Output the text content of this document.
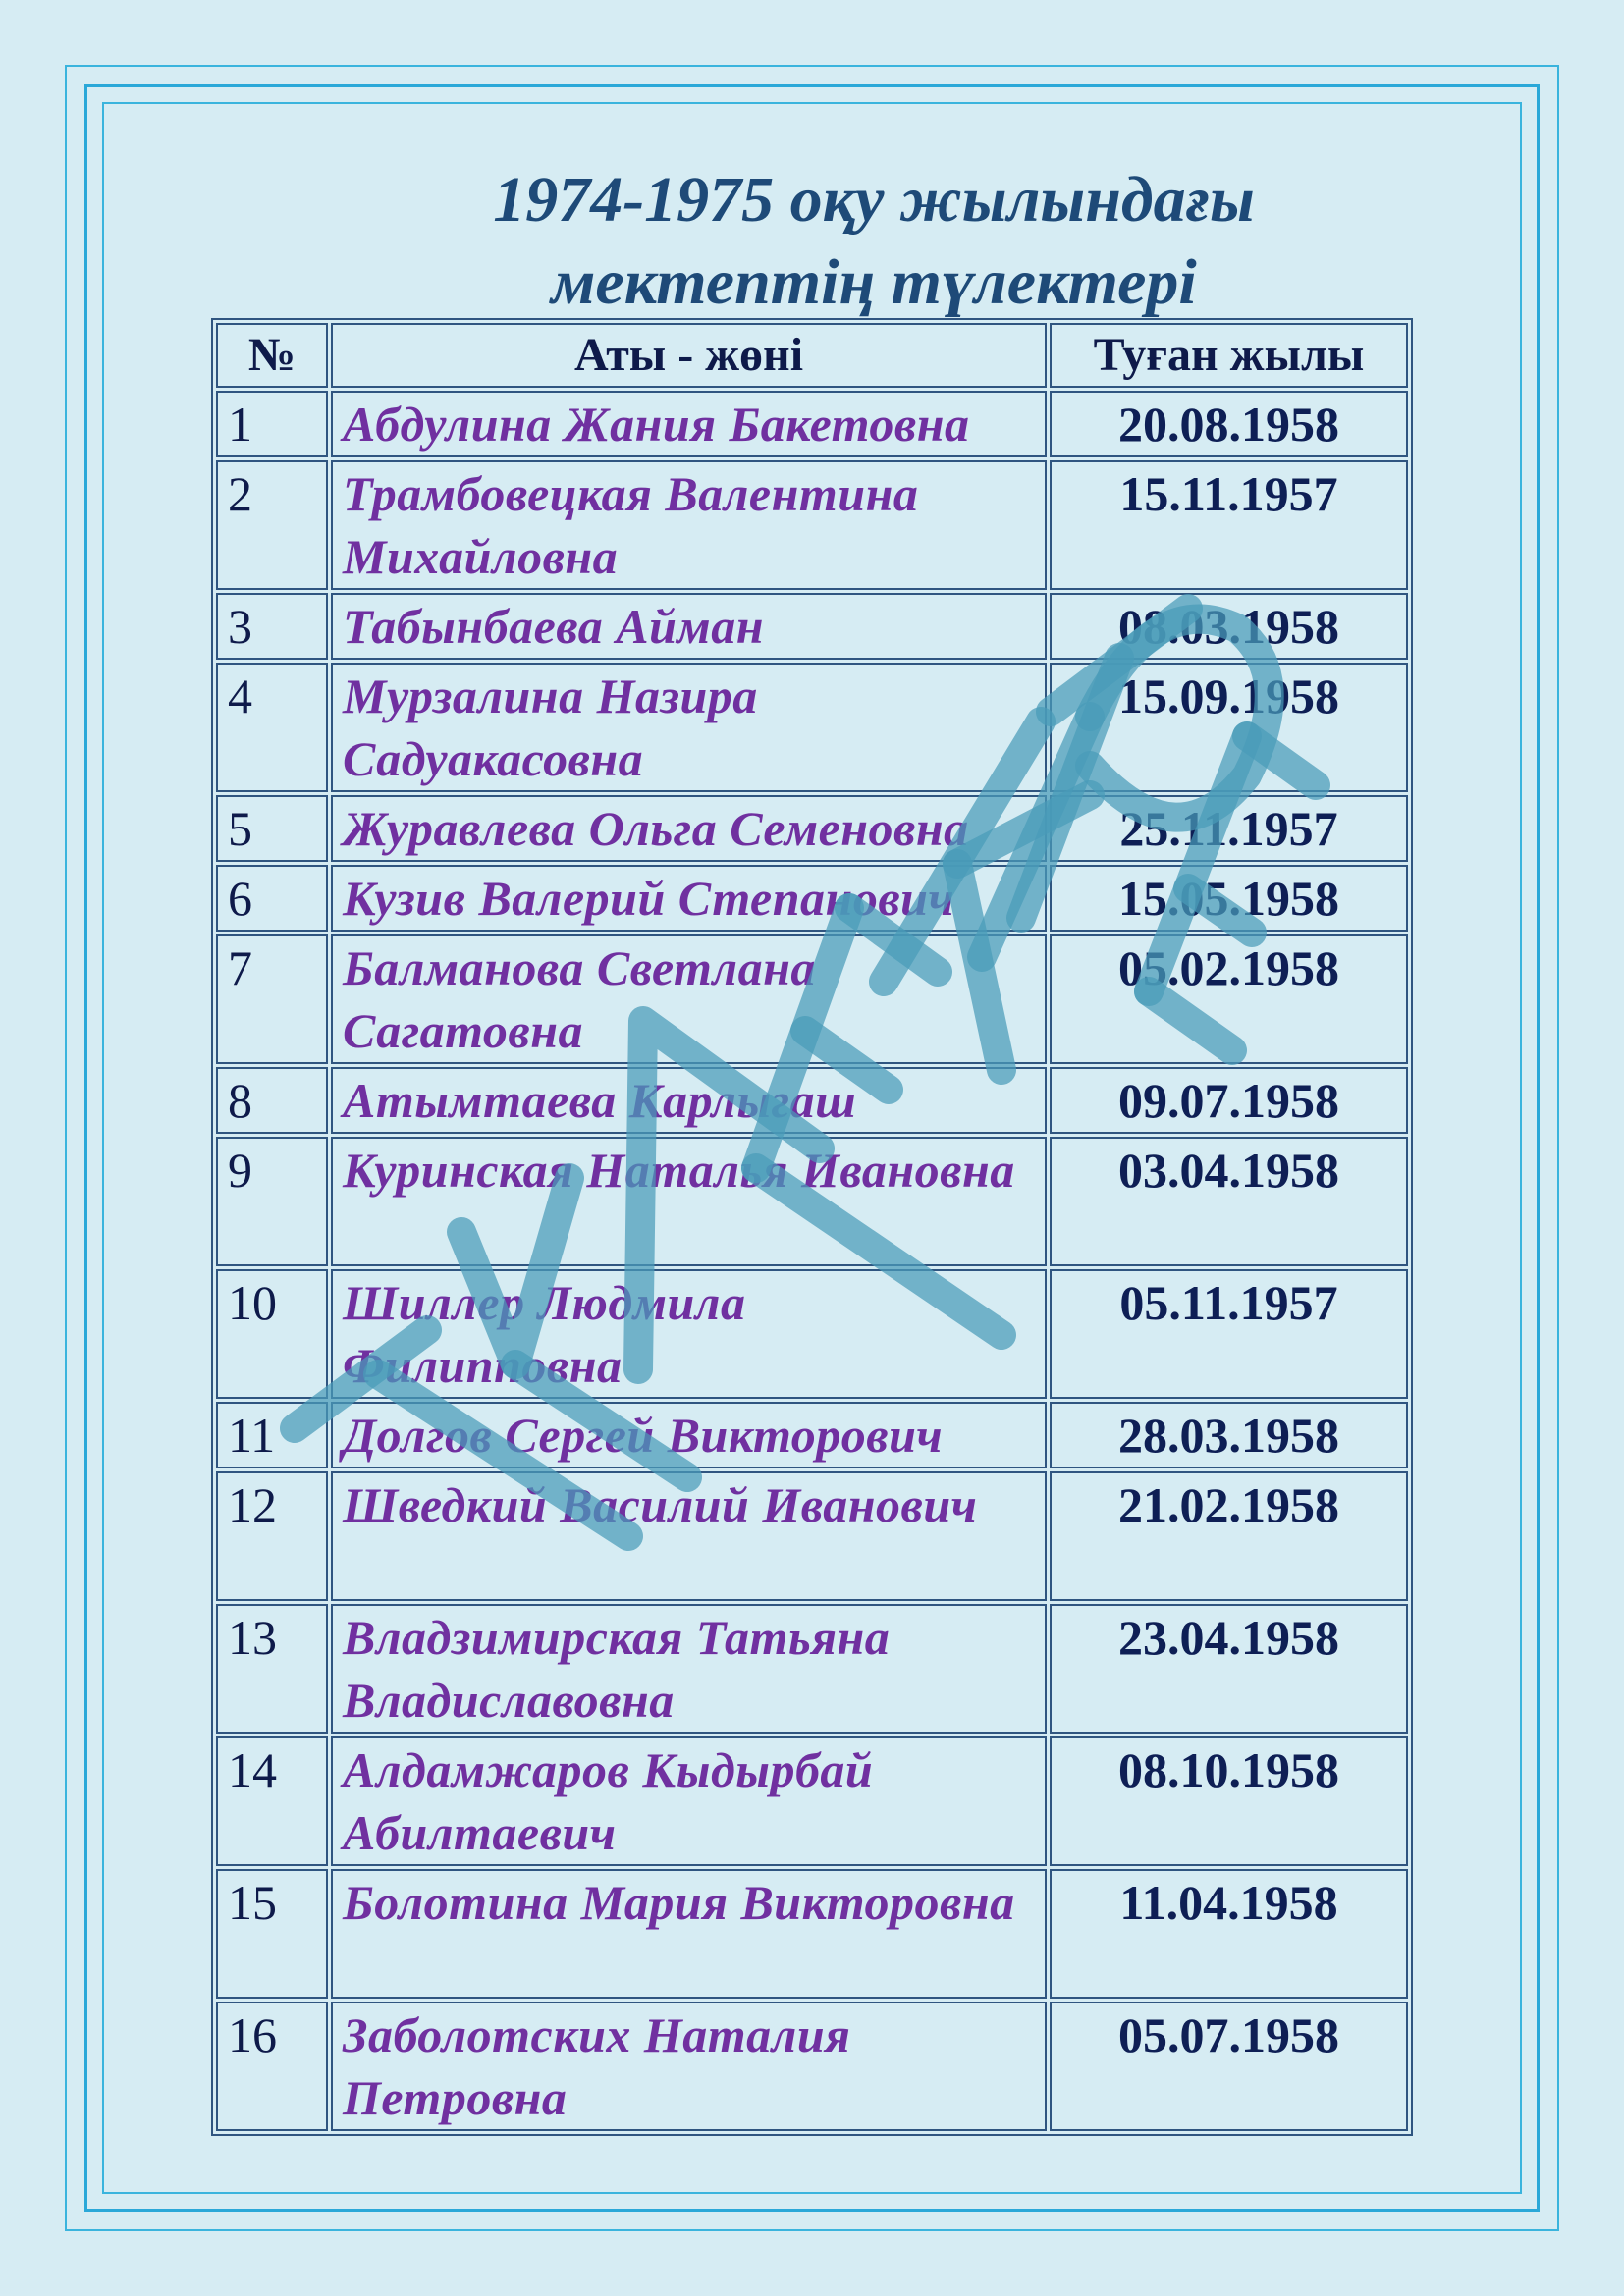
1974-1975 оқу жылындағы
мектептің түлектері
№	Аты - жөні	Туған жылы
1	Абдулина Жания Бакетовна	20.08.1958
2	Трамбовецкая Валентина Михайловна	15.11.1957
3	Табынбаева Айман	08.03.1958
4	Мурзалина Назира Садуакасовна	15.09.1958
5	Журавлева Ольга Семеновна	25.11.1957
6	Кузив Валерий Степанович	15.05.1958
7	Балманова Светлана Сагатовна	05.02.1958
8	Атымтаева Карлыгаш	09.07.1958
9	Куринская Наталья Ивановна	03.04.1958
10	Шиллер Людмила Филипповна	05.11.1957
11	Долгов Сергей Викторович	28.03.1958
12	Шведкий Василий Иванович	21.02.1958
13	Владзимирская Татьяна Владиславовна	23.04.1958
14	Алдамжаров Кыдырбай Абилтаевич	08.10.1958
15	Болотина Мария Викторовна	11.04.1958
16	Заболотских Наталия Петровна	05.07.1958
